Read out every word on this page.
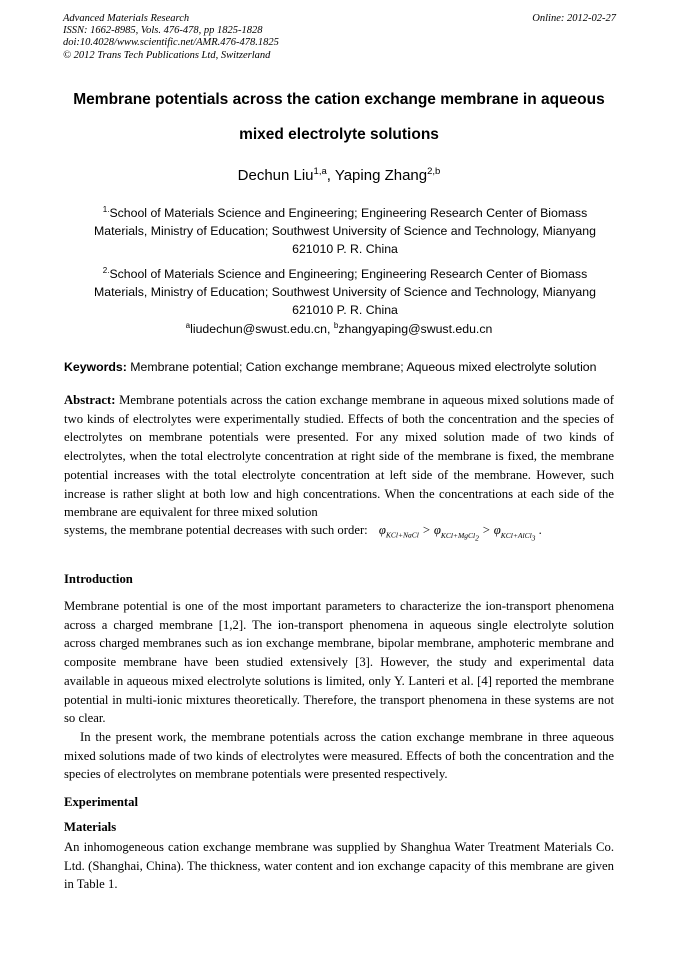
Advanced Materials Research
ISSN: 1662-8985, Vols. 476-478, pp 1825-1828
doi:10.4028/www.scientific.net/AMR.476-478.1825
© 2012 Trans Tech Publications Ltd, Switzerland
Online: 2012-02-27
Membrane potentials across the cation exchange membrane in aqueous
mixed electrolyte solutions
Dechun Liu$^{1,a}$, Yaping Zhang$^{2,b}$
$^{1.}$School of Materials Science and Engineering; Engineering Research Center of Biomass Materials, Ministry of Education; Southwest University of Science and Technology, Mianyang 621010 P. R. China
$^{2.}$School of Materials Science and Engineering; Engineering Research Center of Biomass Materials, Ministry of Education; Southwest University of Science and Technology, Mianyang 621010 P. R. China
$^a$liudechun@swust.edu.cn, $^b$zhangyaping@swust.edu.cn
Keywords: Membrane potential; Cation exchange membrane; Aqueous mixed electrolyte solution

Abstract: Membrane potentials across the cation exchange membrane in aqueous mixed solutions made of two kinds of electrolytes were experimentally studied. Effects of both the concentration and the species of electrolytes on membrane potentials were presented. For any mixed solution made of two kinds of electrolytes, when the total electrolyte concentration at right side of the membrane is fixed, the membrane potential increases with the total electrolyte concentration at left side of the membrane. However, such increase is rather slight at both low and high concentrations. When the concentrations at each side of the membrane are equivalent for three mixed solution

systems, the membrane potential decreases with such order: $\varphi_{KCl+NaCl} > \varphi_{KCl+MgCl_2} > \varphi_{KCl+AlCl_3}$ .
Introduction

Membrane potential is one of the most important parameters to characterize the ion-transport phenomena across a charged membrane [1,2]. The ion-transport phenomena in aqueous single electrolyte solution across charged membranes such as ion exchange membrane, bipolar membrane, amphoteric membrane and composite membrane have been studied extensively [3]. However, the study and experimental data available in aqueous mixed electrolyte solutions is limited, only Y. Lanteri et al. [4] reported the membrane potential in multi-ionic mixtures theoretically. Therefore, the transport phenomena in these systems are not so clear.
In the present work, the membrane potentials across the cation exchange membrane in three aqueous mixed solutions made of two kinds of electrolytes were measured. Effects of both the concentration and the species of electrolytes on membrane potentials were presented respectively.

Experimental
Materials

An inhomogeneous cation exchange membrane was supplied by Shanghua Water Treatment Materials Co. Ltd. (Shanghai, China). The thickness, water content and ion exchange capacity of this membrane are given in Table 1.
